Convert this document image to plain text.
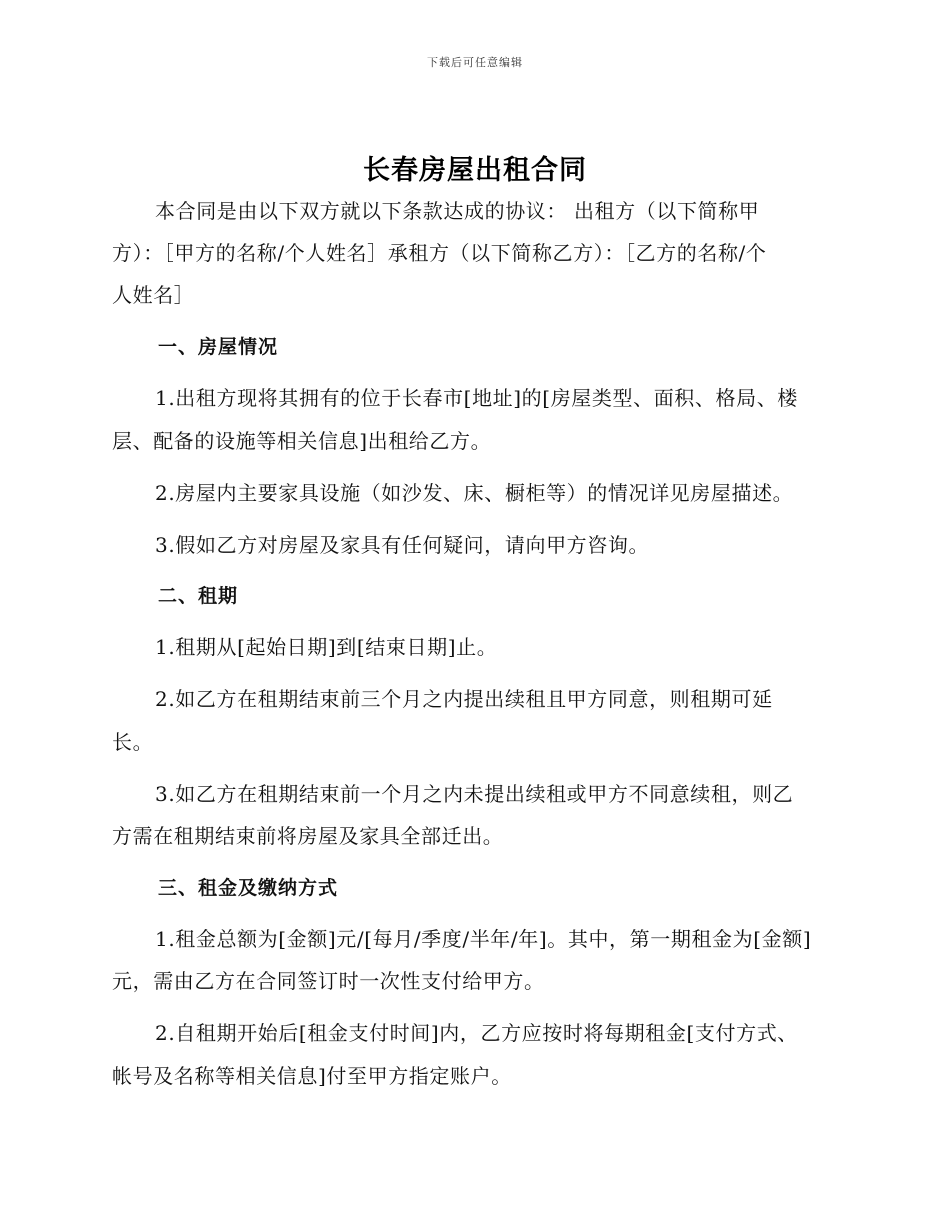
下载后可任意编辑
长春房屋出租合同
本合同是由以下双方就以下条款达成的协议： 出租方（以下简称甲
方）：［甲方的名称/个人姓名］承租方（以下简称乙方）：［乙方的名称/个
人姓名］
一、房屋情况
1.出租方现将其拥有的位于长春市[地址]的[房屋类型、面积、格局、楼
层、配备的设施等相关信息]出租给乙方。
2.房屋内主要家具设施（如沙发、床、橱柜等）的情况详见房屋描述。
3.假如乙方对房屋及家具有任何疑问，请向甲方咨询。
二、租期
1.租期从[起始日期]到[结束日期]止。
2.如乙方在租期结束前三个月之内提出续租且甲方同意，则租期可延
长。
3.如乙方在租期结束前一个月之内未提出续租或甲方不同意续租，则乙
方需在租期结束前将房屋及家具全部迁出。
三、租金及缴纳方式
1.租金总额为[金额]元/[每月/季度/半年/年]。其中，第一期租金为[金额]
元，需由乙方在合同签订时一次性支付给甲方。
2.自租期开始后[租金支付时间]内，乙方应按时将每期租金[支付方式、
帐号及名称等相关信息]付至甲方指定账户。
